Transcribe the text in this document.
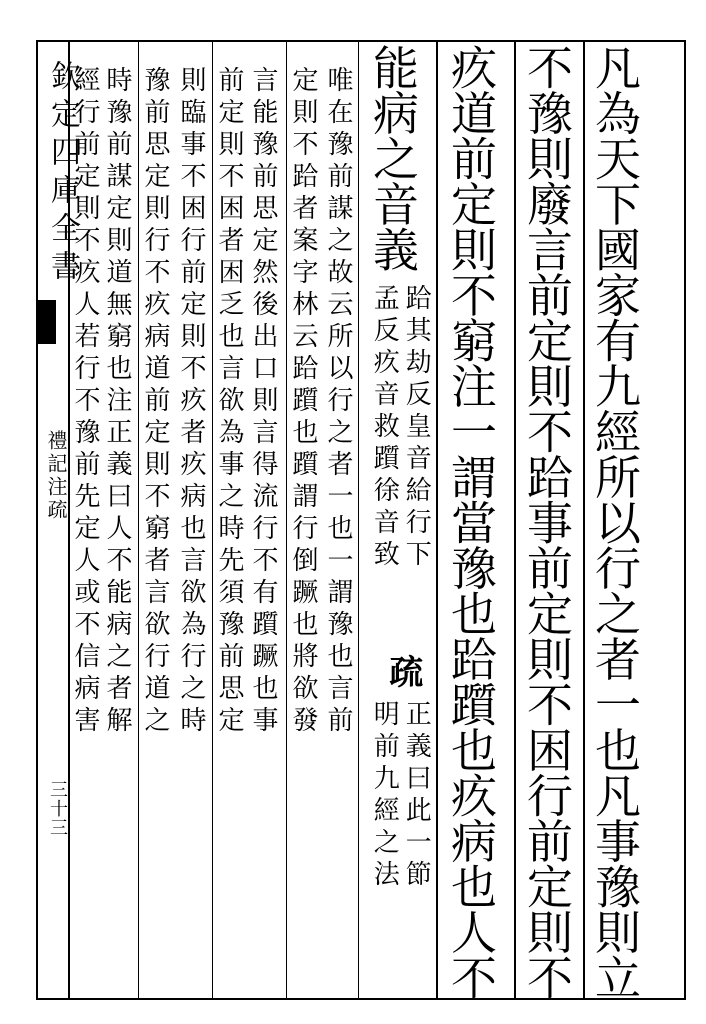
欽定四庫全書
禮記注疏
三十三	凡為天下國家有九經所以行之者一也凡事豫則立
不豫則廢言前定則不跲事前定則不困行前定則不
疚道前定則不窮注一謂當豫也跲躓也疚病也人不
能病之音義
跲其劫反皇音給行下
孟反疚音救躓徐音致
疏
正義曰此一節
明前九經之法
唯在豫前謀之故云所以行之者一也一謂豫也言前
定則不跲者案字林云跲躓也躓謂行倒蹶也將欲發
言能豫前思定然後出口則言得流行不有躓蹶也事
前定則不困者困乏也言欲為事之時先須豫前思定
則臨事不困行前定則不疚者疚病也言欲為行之時
豫前思定則行不疚病道前定則不窮者言欲行道之
時豫前謀定則道無窮也注正義曰人不能病之者解
經行前定則不疚人若行不豫前先定人或不信病害
